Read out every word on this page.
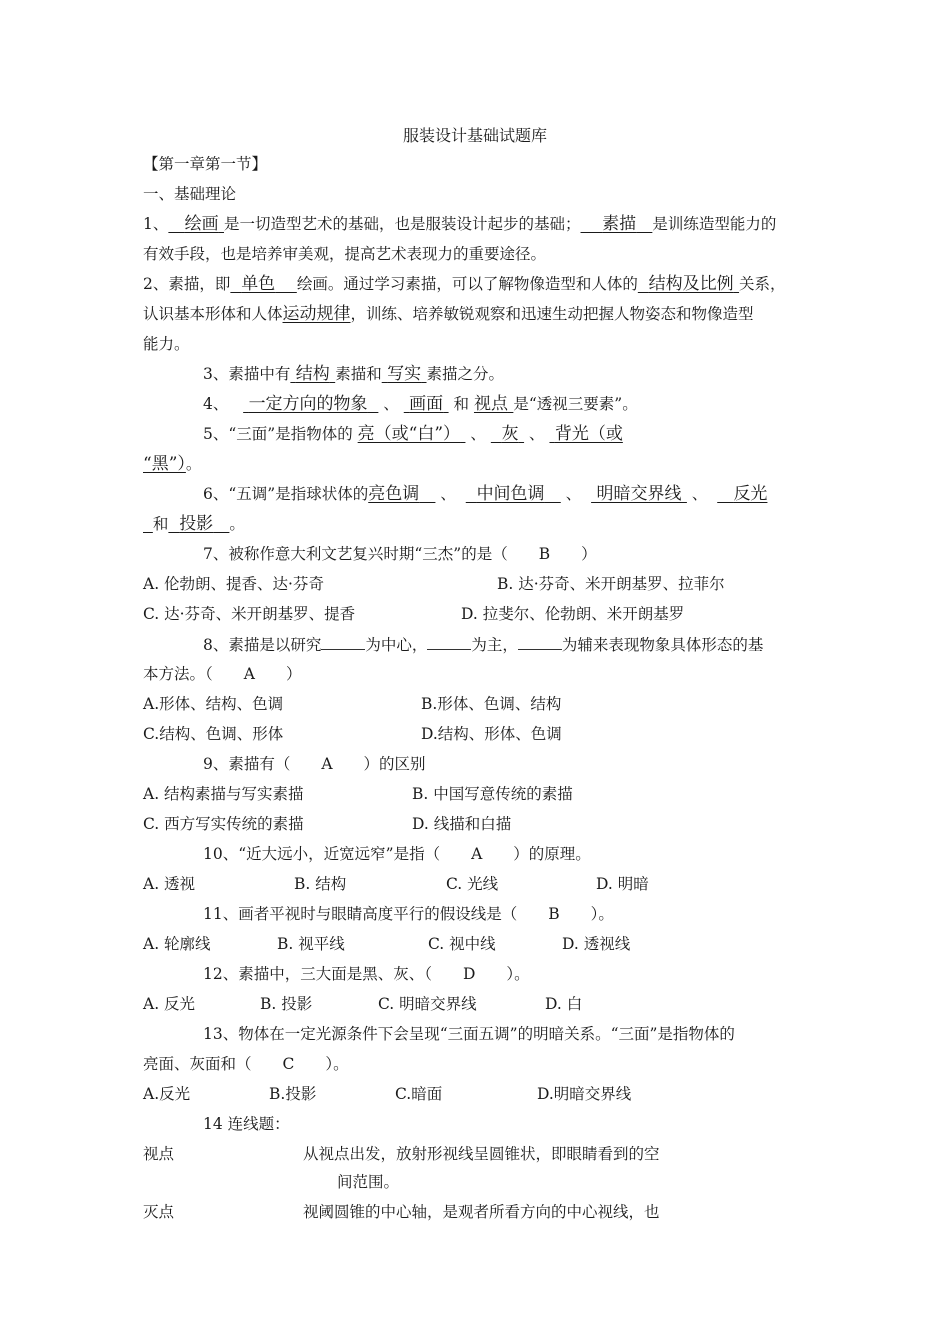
服装设计基础试题库
【第一章第一节】
一、基础理论
1、 绘画 是一切造型艺术的基础，也是服装设计起步的基础； 素描 是训练造型能力的
有效手段，也是培养审美观，提高艺术表现力的重要途径。
2、素描，即 单色 绘画。通过学习素描，可以了解物像造型和人体的 结构及比例 关系，
认识基本形体和人体运动规律，训练、培养敏锐观察和迅速生动把握人物姿态和物像造型
能力。
3、素描中有 结构 素描和 写实 素描之分。
4、 一定方向的物象 、 画面 和 视点 是“透视三要素”。
5、“三面”是指物体的 亮（或“白”） 、 灰 、 背光（或
“黑”）。
6、“五调”是指球状体的亮色调 、 中间色调 、 明暗交界线 、 反光
和 投影 。
7、被称作意大利文艺复兴时期“三杰”的是（　　B　　）
A. 伦勃朗、提香、达·芬奇	B. 达·芬奇、米开朗基罗、拉菲尔
C. 达·芬奇、米开朗基罗、提香	D. 拉斐尔、伦勃朗、米开朗基罗
8、素描是以研究	为中心，	为主，	为辅来表现物象具体形态的基
本方法。（　　A　　）
A.形体、结构、色调	B.形体、色调、结构
C.结构、色调、形体	D.结构、形体、色调
9、素描有（　　A　　）的区别
A. 结构素描与写实素描	B. 中国写意传统的素描
C. 西方写实传统的素描	D. 线描和白描
10、“近大远小，近宽远窄”是指（　　A　　）的原理。
A. 透视	B. 结构	C. 光线	D. 明暗
11、画者平视时与眼睛高度平行的假设线是（　　B　　）。
A. 轮廓线	B. 视平线	C. 视中线	D. 透视线
12、素描中，三大面是黑、灰、（　　D　　）。
A. 反光	B. 投影	C. 明暗交界线	D. 白
13、物体在一定光源条件下会呈现“三面五调”的明暗关系。“三面”是指物体的
亮面、灰面和（　　C　　）。
A.反光	B.投影	C.暗面	D.明暗交界线
14 连线题：
视点	从视点出发，放射形视线呈圆锥状，即眼睛看到的空
间范围。
灭点	视阈圆锥的中心轴，是观者所看方向的中心视线，也
